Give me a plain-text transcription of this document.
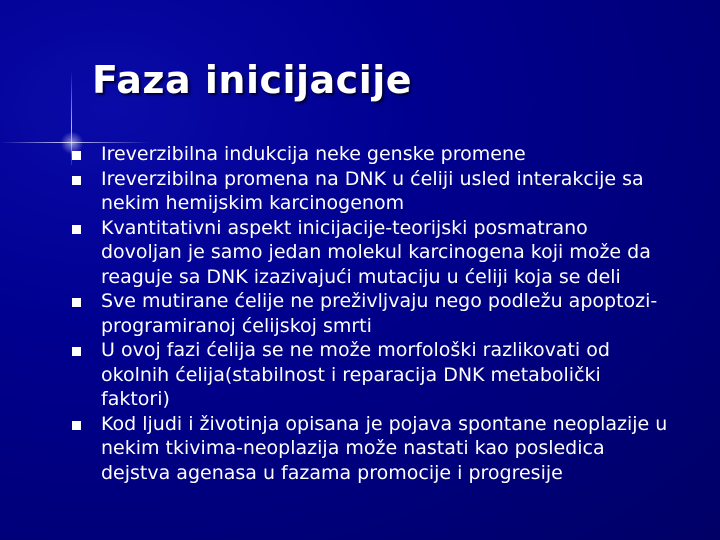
Faza inicijacije
Ireverzibilna indukcija neke genske promene
Ireverzibilna promena na DNK u ćeliji usled interakcije sa nekim hemijskim karcinogenom
Kvantitativni aspekt inicijacije-teorijski posmatrano dovoljan je samo jedan molekul karcinogena koji može da reaguje sa DNK izazivajući mutaciju u ćeliji koja se deli
Sve mutirane ćelije ne preživljvaju nego podležu apoptozi-programiranoj ćelijskoj smrti
U ovoj fazi ćelija se ne može morfološki razlikovati od okolnih ćelija(stabilnost i reparacija DNK metabolički faktori)
Kod ljudi i životinja opisana je pojava spontane neoplazije u nekim tkivima-neoplazija može nastati kao posledica dejstva agenasa u fazama promocije i progresije
